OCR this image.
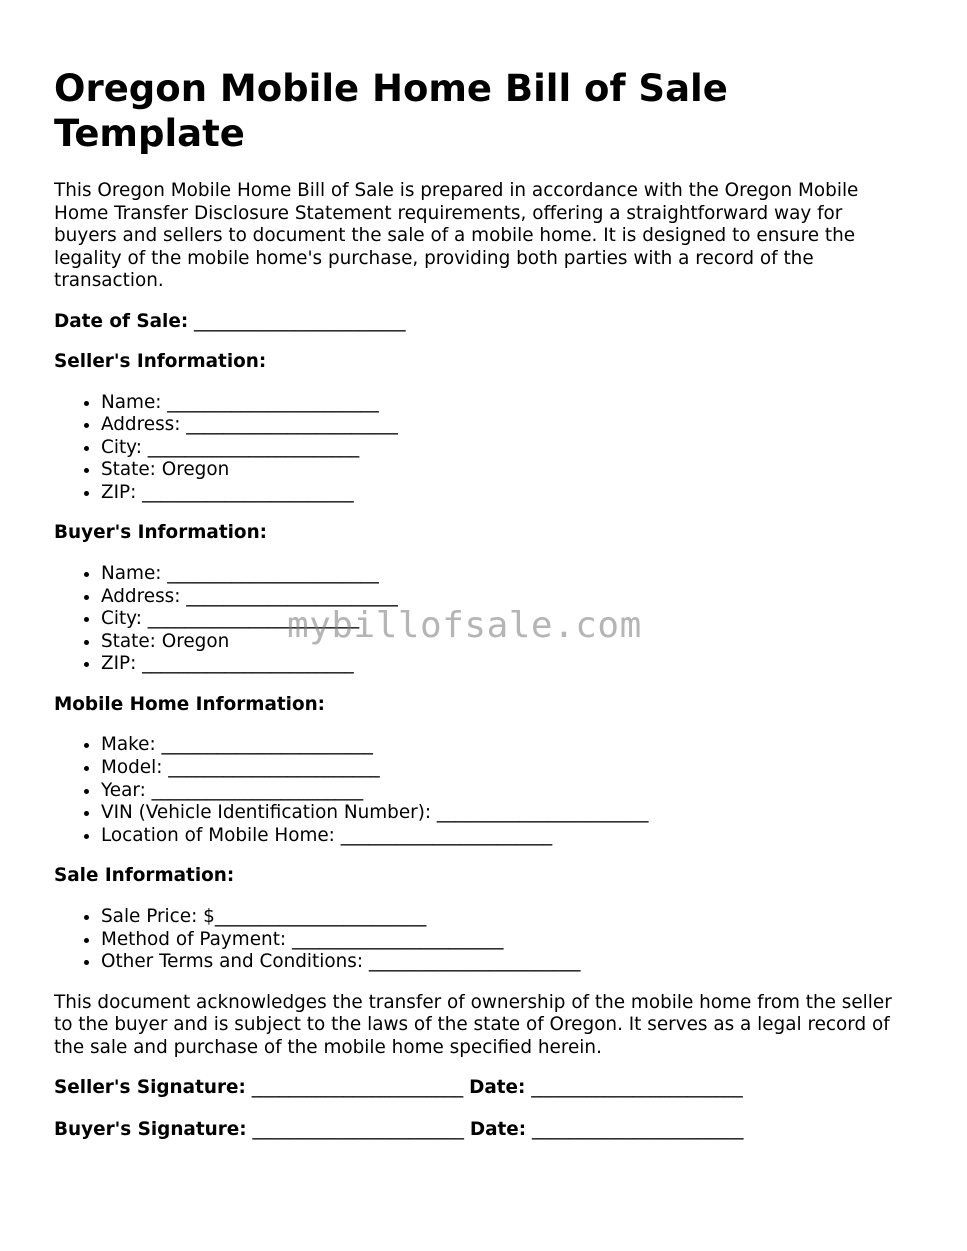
Oregon Mobile Home Bill of Sale Template

This Oregon Mobile Home Bill of Sale is prepared in accordance with the Oregon Mobile Home Transfer Disclosure Statement requirements, offering a straightforward way for buyers and sellers to document the sale of a mobile home. It is designed to ensure the legality of the mobile home's purchase, providing both parties with a record of the transaction.

Date of Sale: _______________________
Seller's Information:
• Name: _______________________
• Address: _______________________
• City: _______________________
• State: Oregon
• ZIP: _______________________
Buyer's Information:
• Name: _______________________
• Address: _______________________
• City: _______________________
• State: Oregon
• ZIP: _______________________
Mobile Home Information:
• Make: _______________________
• Model: _______________________
• Year: _______________________
• VIN (Vehicle Identification Number): _______________________
• Location of Mobile Home: _______________________
Sale Information:
• Sale Price: $_______________________
• Method of Payment: _______________________
• Other Terms and Conditions: _______________________

This document acknowledges the transfer of ownership of the mobile home from the seller to the buyer and is subject to the laws of the state of Oregon. It serves as a legal record of the sale and purchase of the mobile home specified herein.

Seller's Signature: _______________________ Date: _______________________
Buyer's Signature: _______________________ Date: _______________________
mybillofsale.com
